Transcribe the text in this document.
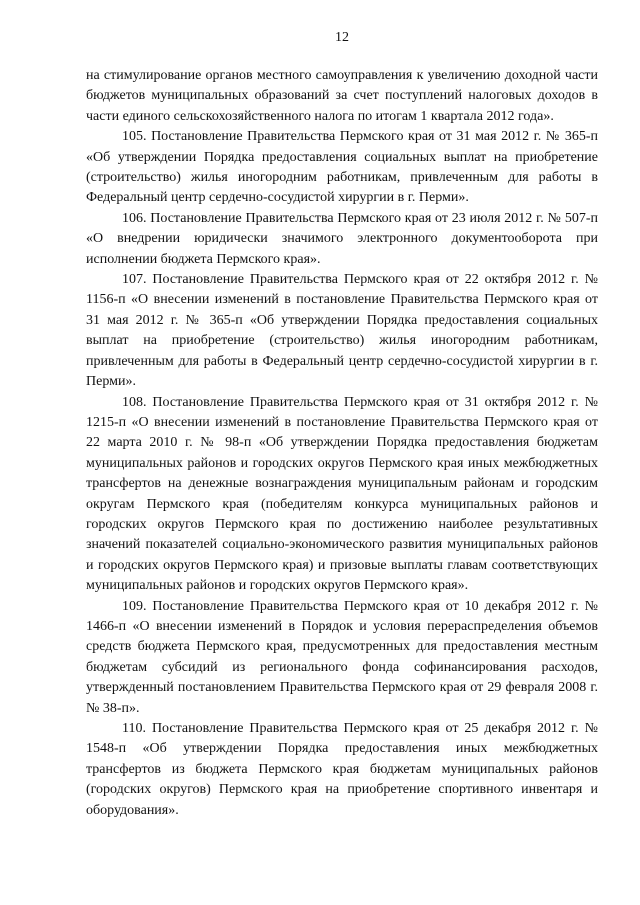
12

на стимулирование органов местного самоуправления к увеличению доходной части бюджетов муниципальных образований за счет поступлений налоговых доходов в части единого сельскохозяйственного налога по итогам 1 квартала 2012 года».

105. Постановление Правительства Пермского края от 31 мая 2012 г. № 365-п «Об утверждении Порядка предоставления социальных выплат на приобретение (строительство) жилья иногородним работникам, привлеченным для работы в Федеральный центр сердечно-сосудистой хирургии в г. Перми».

106. Постановление Правительства Пермского края от 23 июля 2012 г. № 507-п «О внедрении юридически значимого электронного документооборота при исполнении бюджета Пермского края».

107. Постановление Правительства Пермского края от 22 октября 2012 г. № 1156-п «О внесении изменений в постановление Правительства Пермского края от 31 мая 2012 г. № 365-п «Об утверждении Порядка предоставления социальных выплат на приобретение (строительство) жилья иногородним работникам, привлеченным для работы в Федеральный центр сердечно-сосудистой хирургии в г. Перми».

108. Постановление Правительства Пермского края от 31 октября 2012 г. № 1215-п «О внесении изменений в постановление Правительства Пермского края от 22 марта 2010 г. № 98-п «Об утверждении Порядка предоставления бюджетам муниципальных районов и городских округов Пермского края иных межбюджетных трансфертов на денежные вознаграждения муниципальным районам и городским округам Пермского края (победителям конкурса муниципальных районов и городских округов Пермского края по достижению наиболее результативных значений показателей социально-экономического развития муниципальных районов и городских округов Пермского края) и призовые выплаты главам соответствующих муниципальных районов и городских округов Пермского края».

109. Постановление Правительства Пермского края от 10 декабря 2012 г. № 1466-п «О внесении изменений в Порядок и условия перераспределения объемов средств бюджета Пермского края, предусмотренных для предоставления местным бюджетам субсидий из регионального фонда софинансирования расходов, утвержденный постановлением Правительства Пермского края от 29 февраля 2008 г. № 38-п».

110. Постановление Правительства Пермского края от 25 декабря 2012 г. № 1548-п «Об утверждении Порядка предоставления иных межбюджетных трансфертов из бюджета Пермского края бюджетам муниципальных районов (городских округов) Пермского края на приобретение спортивного инвентаря и оборудования».
